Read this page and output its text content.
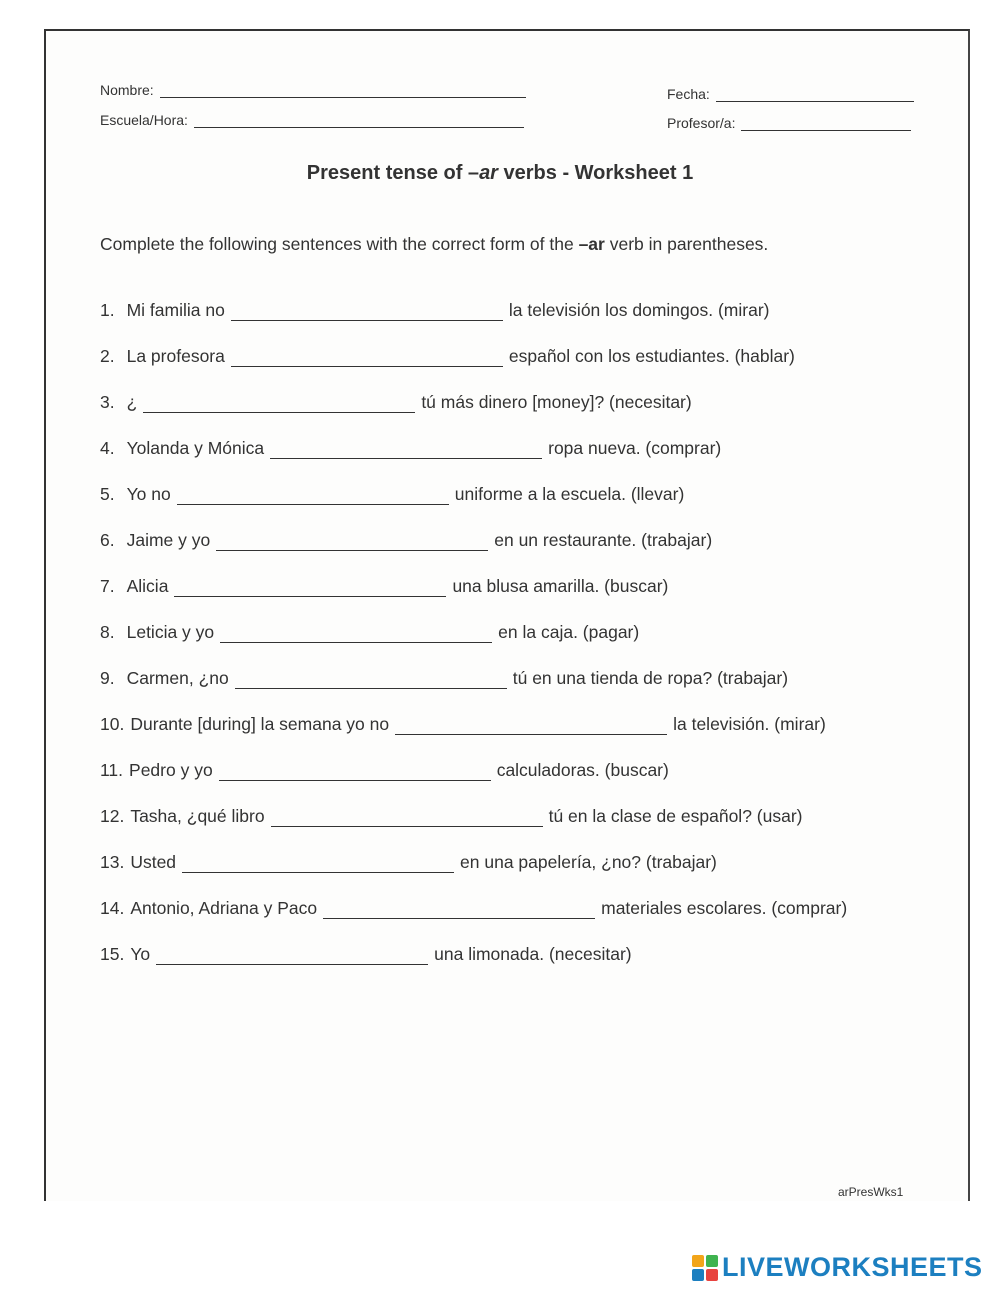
Nombre:
Escuela/Hora:
Fecha:
Profesor/a:
Present tense of –ar verbs - Worksheet 1
Complete the following sentences with the correct form of the –ar verb in parentheses.
1. Mi familia no	la televisión los domingos. (mirar)
2. La profesora	español con los estudiantes. (hablar)
3. ¿	tú más dinero [money]? (necesitar)
4. Yolanda y Mónica	ropa nueva. (comprar)
5. Yo no	uniforme a la escuela. (llevar)
6. Jaime y yo	en un restaurante. (trabajar)
7. Alicia	una blusa amarilla. (buscar)
8. Leticia y yo	en la caja. (pagar)
9. Carmen, ¿no	tú en una tienda de ropa? (trabajar)
10. Durante [during] la semana yo no	la televisión. (mirar)
11. Pedro y yo	calculadoras. (buscar)
12. Tasha, ¿qué libro	tú en la clase de español? (usar)
13. Usted	en una papelería, ¿no? (trabajar)
14. Antonio, Adriana y Paco	materiales escolares. (comprar)
15. Yo	una limonada. (necesitar)
arPresWks1
LIVEWORKSHEETS
